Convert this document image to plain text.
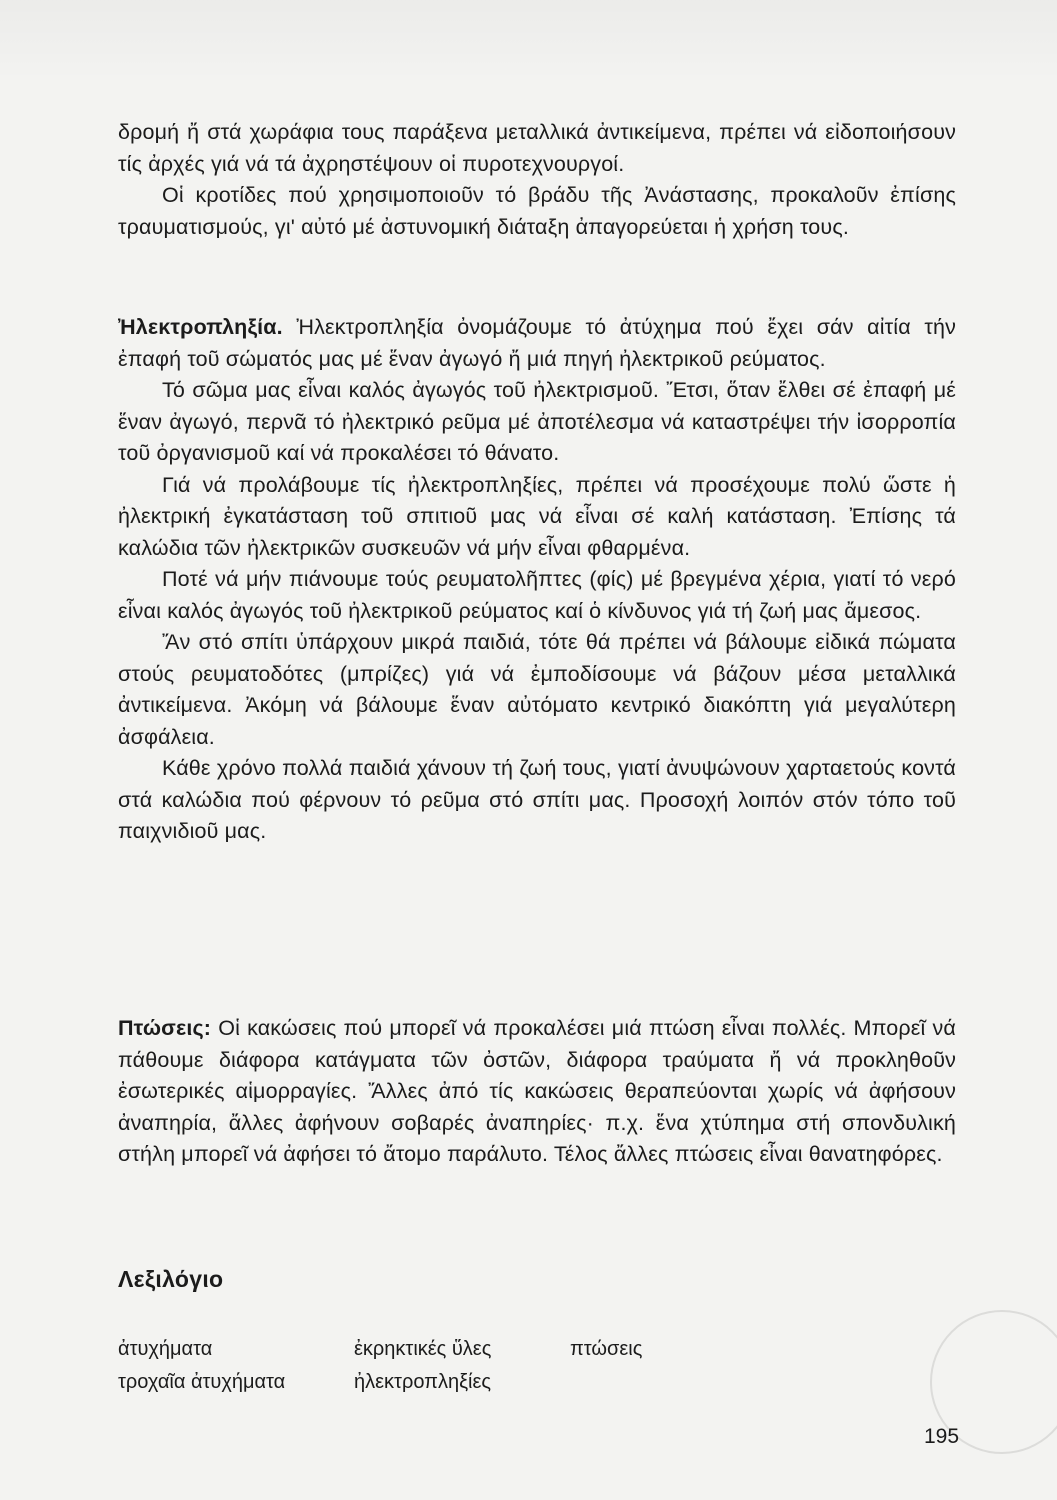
δρομή ἤ στά χωράφια τους παράξενα μεταλλικά ἀντικείμενα, πρέπει νά εἰδοποιήσουν τίς ἀρχές γιά νά τά ἀχρηστέψουν οἱ πυροτεχνουργοί.

Οἱ κροτίδες πού χρησιμοποιοῦν τό βράδυ τῆς Ἀνάστασης, προκαλοῦν ἐπίσης τραυματισμούς, γι' αὐτό μέ ἀστυνομική διάταξη ἀπαγορεύεται ἡ χρήση τους.

Ἠλεκτροπληξία. Ἠλεκτροπληξία ὀνομάζουμε τό ἀτύχημα πού ἔχει σάν αἰτία τήν ἐπαφή τοῦ σώματός μας μέ ἕναν ἀγωγό ἤ μιά πηγή ἠλεκτρικοῦ ρεύματος.

Τό σῶμα μας εἶναι καλός ἀγωγός τοῦ ἠλεκτρισμοῦ. Ἔτσι, ὅταν ἔλθει σέ ἐπαφή μέ ἕναν ἀγωγό, περνᾶ τό ἠλεκτρικό ρεῦμα μέ ἀποτέλεσμα νά καταστρέψει τήν ἰσορροπία τοῦ ὀργανισμοῦ καί νά προκαλέσει τό θάνατο.

Γιά νά προλάβουμε τίς ἠλεκτροπληξίες, πρέπει νά προσέχουμε πολύ ὥστε ἡ ἠλεκτρική ἐγκατάσταση τοῦ σπιτιοῦ μας νά εἶναι σέ καλή κατάσταση. Ἐπίσης τά καλώδια τῶν ἠλεκτρικῶν συσκευῶν νά μήν εἶναι φθαρμένα.

Ποτέ νά μήν πιάνουμε τούς ρευματολῆπτες (φίς) μέ βρεγμένα χέρια, γιατί τό νερό εἶναι καλός ἀγωγός τοῦ ἠλεκτρικοῦ ρεύματος καί ὁ κίνδυνος γιά τή ζωή μας ἄμεσος.

Ἄν στό σπίτι ὑπάρχουν μικρά παιδιά, τότε θά πρέπει νά βάλουμε εἰδικά πώματα στούς ρευματοδότες (μπρίζες) γιά νά ἐμποδίσουμε νά βάζουν μέσα μεταλλικά ἀντικείμενα. Ἀκόμη νά βάλουμε ἕναν αὐτόματο κεντρικό διακόπτη γιά μεγαλύτερη ἀσφάλεια.

Κάθε χρόνο πολλά παιδιά χάνουν τή ζωή τους, γιατί ἀνυψώνουν χαρταετούς κοντά στά καλώδια πού φέρνουν τό ρεῦμα στό σπίτι μας. Προσοχή λοιπόν στόν τόπο τοῦ παιχνιδιοῦ μας.

Πτώσεις: Οἱ κακώσεις πού μπορεῖ νά προκαλέσει μιά πτώση εἶναι πολλές. Μπορεῖ νά πάθουμε διάφορα κατάγματα τῶν ὀστῶν, διάφορα τραύματα ἤ νά προκληθοῦν ἐσωτερικές αἱμορραγίες. Ἄλλες ἀπό τίς κακώσεις θεραπεύονται χωρίς νά ἀφήσουν ἀναπηρία, ἄλλες ἀφήνουν σοβαρές ἀναπηρίες· π.χ. ἕνα χτύπημα στή σπονδυλική στήλη μπορεῖ νά ἀφήσει τό ἄτομο παράλυτο. Τέλος ἄλλες πτώσεις εἶναι θανατηφόρες.

Λεξιλόγιο
ἀτυχήματα
τροχαῖα ἀτυχήματα
ἐκρηκτικές ὕλες
ἠλεκτροπληξίες
πτώσεις
195
